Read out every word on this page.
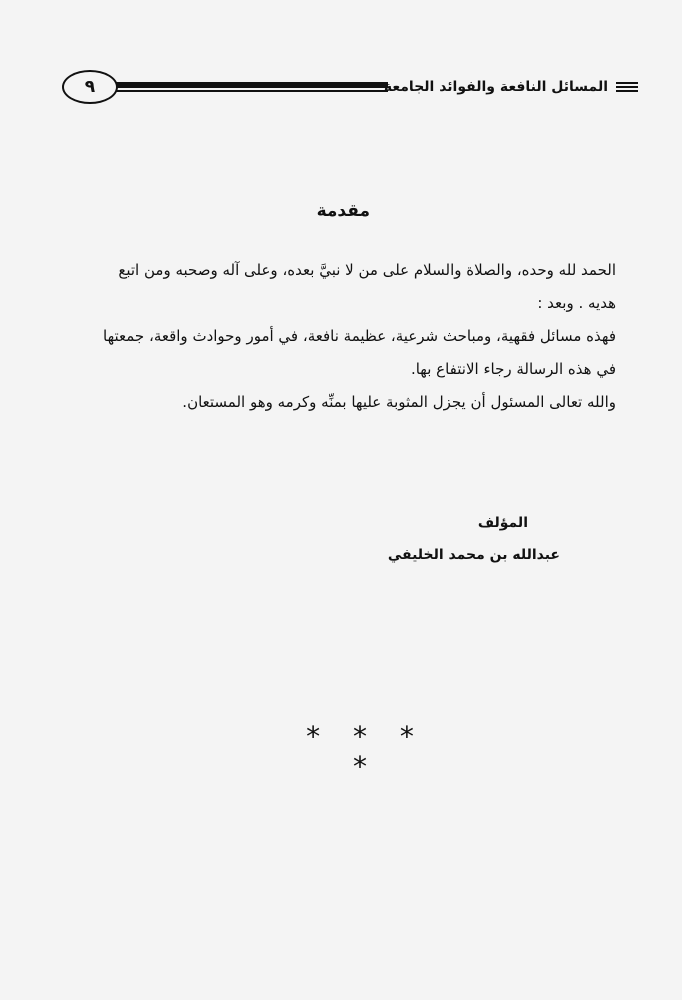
٩	المسائل النافعة والفوائد الجامعة
مقدمة

الحمد لله وحده، والصلاة والسلام على من لا نبيَّ بعده، وعلى آله وصحبه ومن اتبع هديه . وبعد :

فهذه مسائل فقهية، ومباحث شرعية، عظيمة نافعة، في أمور وحوادث واقعة، جمعتها في هذه الرسالة رجاء الانتفاع بها.

والله تعالى المسئول أن يجزل المثوبة عليها بمنِّه وكرمه وهو المستعان.

المؤلف
عبدالله بن محمد الخليفي
* * * *
